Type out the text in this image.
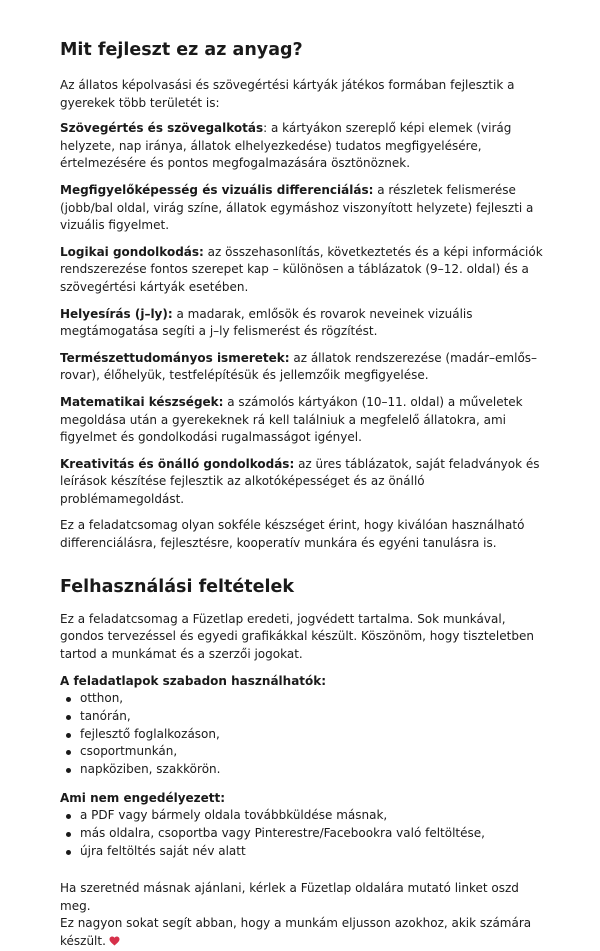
Mit fejleszt ez az anyag?

Az állatos képolvasási és szövegértési kártyák játékos formában fejlesztik a gyerekek több területét is:

Szövegértés és szövegalkotás: a kártyákon szereplő képi elemek (virág helyzete, nap iránya, állatok elhelyezkedése) tudatos megfigyelésére, értelmezésére és pontos megfogalmazására ösztönöznek.

Megfigyelőképesség és vizuális differenciálás: a részletek felismerése (jobb/bal oldal, virág színe, állatok egymáshoz viszonyított helyzete) fejleszti a vizuális figyelmet.

Logikai gondolkodás: az összehasonlítás, következtetés és a képi információk rendszerezése fontos szerepet kap – különösen a táblázatok (9–12. oldal) és a szövegértési kártyák esetében.

Helyesírás (j–ly): a madarak, emlősök és rovarok neveinek vizuális megtámogatása segíti a j–ly felismerést és rögzítést.

Természettudományos ismeretek: az állatok rendszerezése (madár–emlős–rovar), élőhelyük, testfelépítésük és jellemzőik megfigyelése.

Matematikai készségek: a számolós kártyákon (10–11. oldal) a műveletek megoldása után a gyerekeknek rá kell találniuk a megfelelő állatokra, ami figyelmet és gondolkodási rugalmasságot igényel.

Kreativitás és önálló gondolkodás: az üres táblázatok, saját feladványok és leírások készítése fejlesztik az alkotóképességet és az önálló problémamegoldást.

Ez a feladatcsomag olyan sokféle készséget érint, hogy kiválóan használható differenciálásra, fejlesztésre, kooperatív munkára és egyéni tanulásra is.

Felhasználási feltételek

Ez a feladatcsomag a Füzetlap eredeti, jogvédett tartalma. Sok munkával, gondos tervezéssel és egyedi grafikákkal készült. Köszönöm, hogy tiszteletben tartod a munkámat és a szerzői jogokat.

A feladatlapok szabadon használhatók:

otthon,
tanórán,
fejlesztő foglalkozáson,
csoportmunkán,
napköziben, szakkörön.

Ami nem engedélyezett:

a PDF vagy bármely oldala továbbküldése másnak,
más oldalra, csoportba vagy Pinterestre/Facebookra való feltöltése,
újra feltöltés saját név alatt

Ha szeretnéd másnak ajánlani, kérlek a Füzetlap oldalára mutató linket oszd meg.

Ez nagyon sokat segít abban, hogy a munkám eljusson azokhoz, akik számára készült.
